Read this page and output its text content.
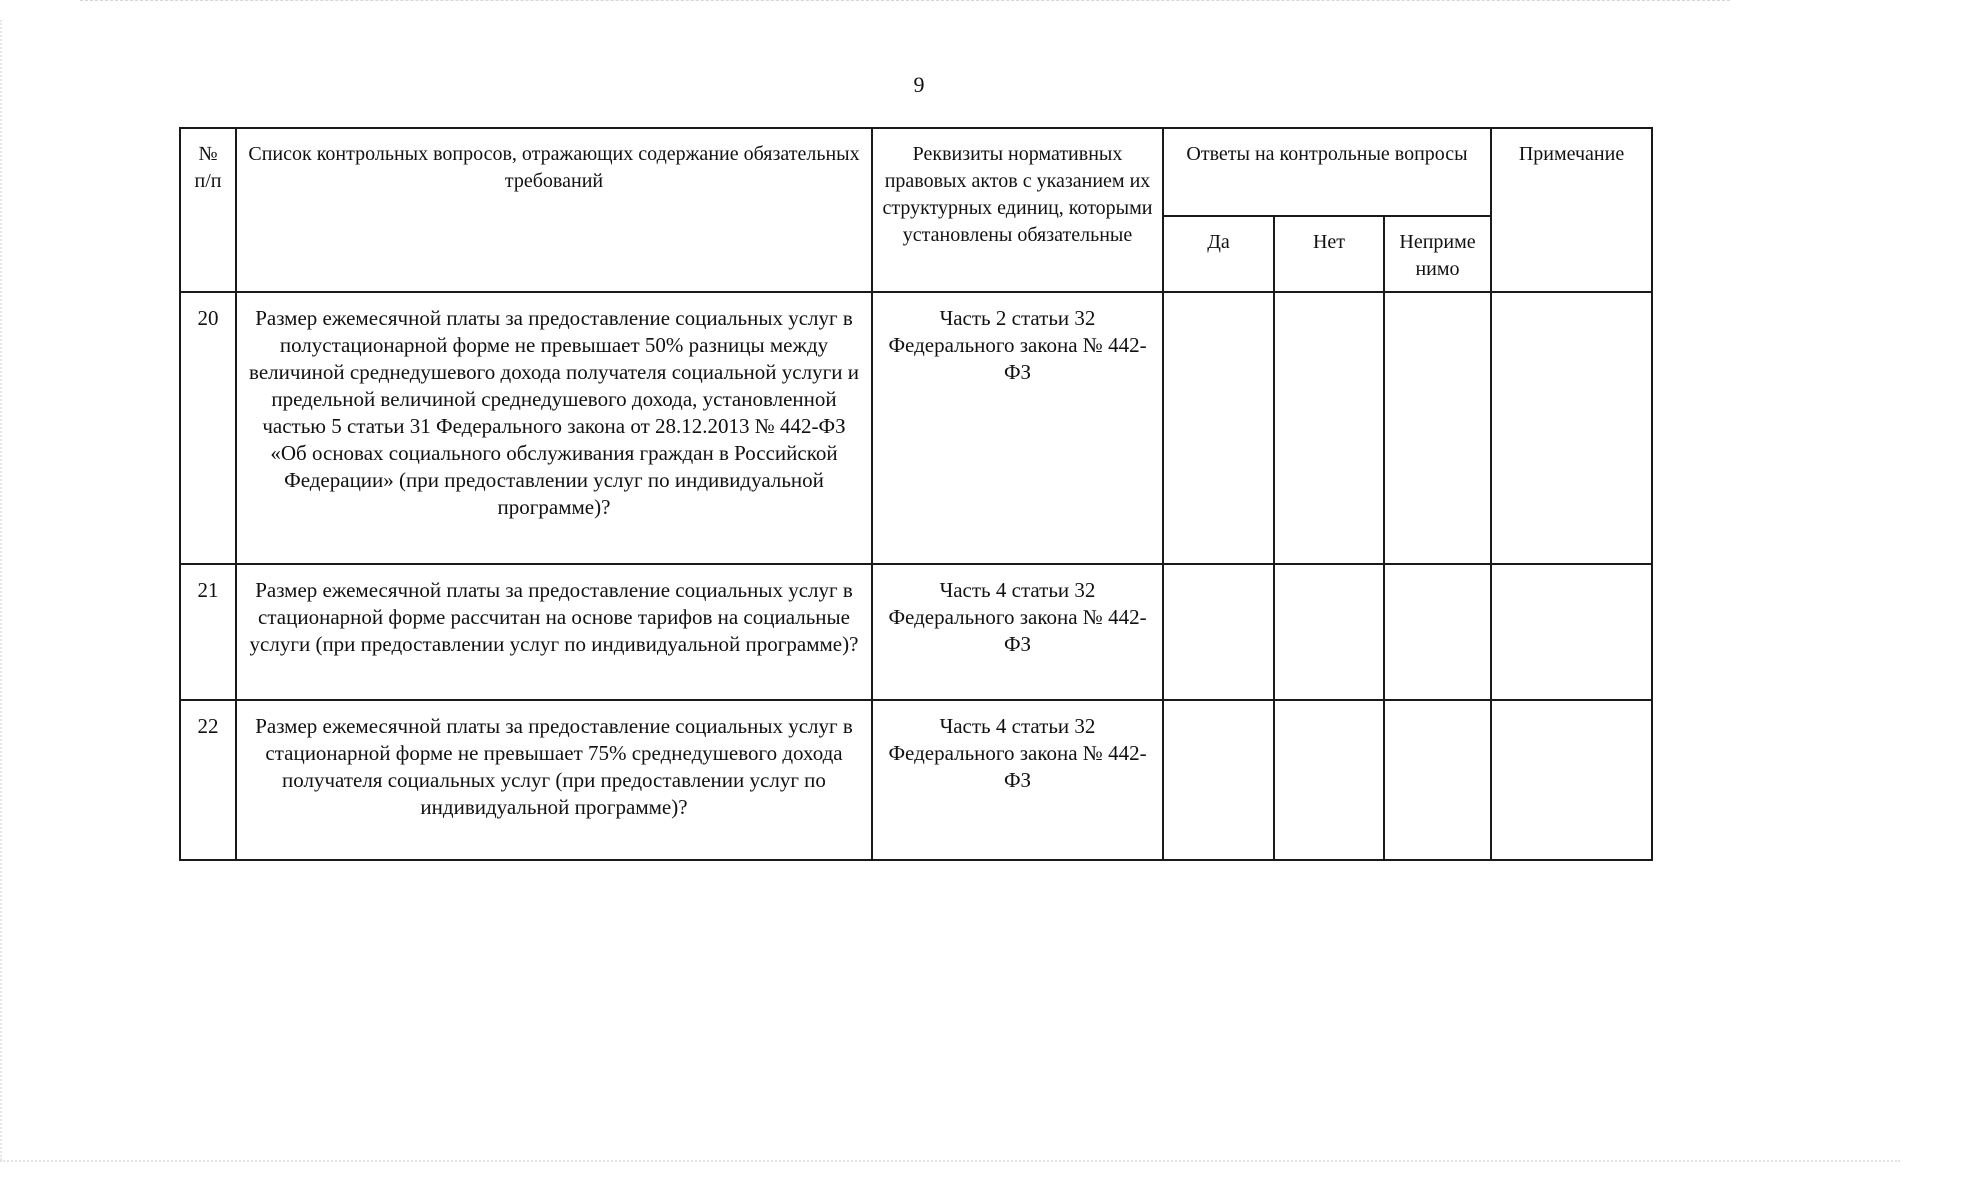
9
№ п/п	Список контрольных вопросов, отражающих содержание обязательных требований	Реквизиты нормативных правовых актов с указанием их структурных единиц, которыми установлены обязательные	Ответы на контрольные вопросы			Примечание
			Да	Нет	Неприме нимо	
20	Размер ежемесячной платы за предоставление социальных услуг в полустационарной форме не превышает 50% разницы между величиной среднедушевого дохода получателя социальной услуги и предельной величиной среднедушевого дохода, установленной частью 5 статьи 31 Федерального закона от 28.12.2013 № 442-ФЗ «Об основах социального обслуживания граждан в Российской Федерации» (при предоставлении услуг по индивидуальной программе)?	Часть 2 статьи 32 Федерального закона № 442-ФЗ				
21	Размер ежемесячной платы за предоставление социальных услуг в стационарной форме рассчитан на основе тарифов на социальные услуги (при предоставлении услуг по индивидуальной программе)?	Часть 4 статьи 32 Федерального закона № 442-ФЗ				
22	Размер ежемесячной платы за предоставление социальных услуг в стационарной форме не превышает 75% среднедушевого дохода получателя социальных услуг (при предоставлении услуг по индивидуальной программе)?	Часть 4 статьи 32 Федерального закона № 442-ФЗ				
